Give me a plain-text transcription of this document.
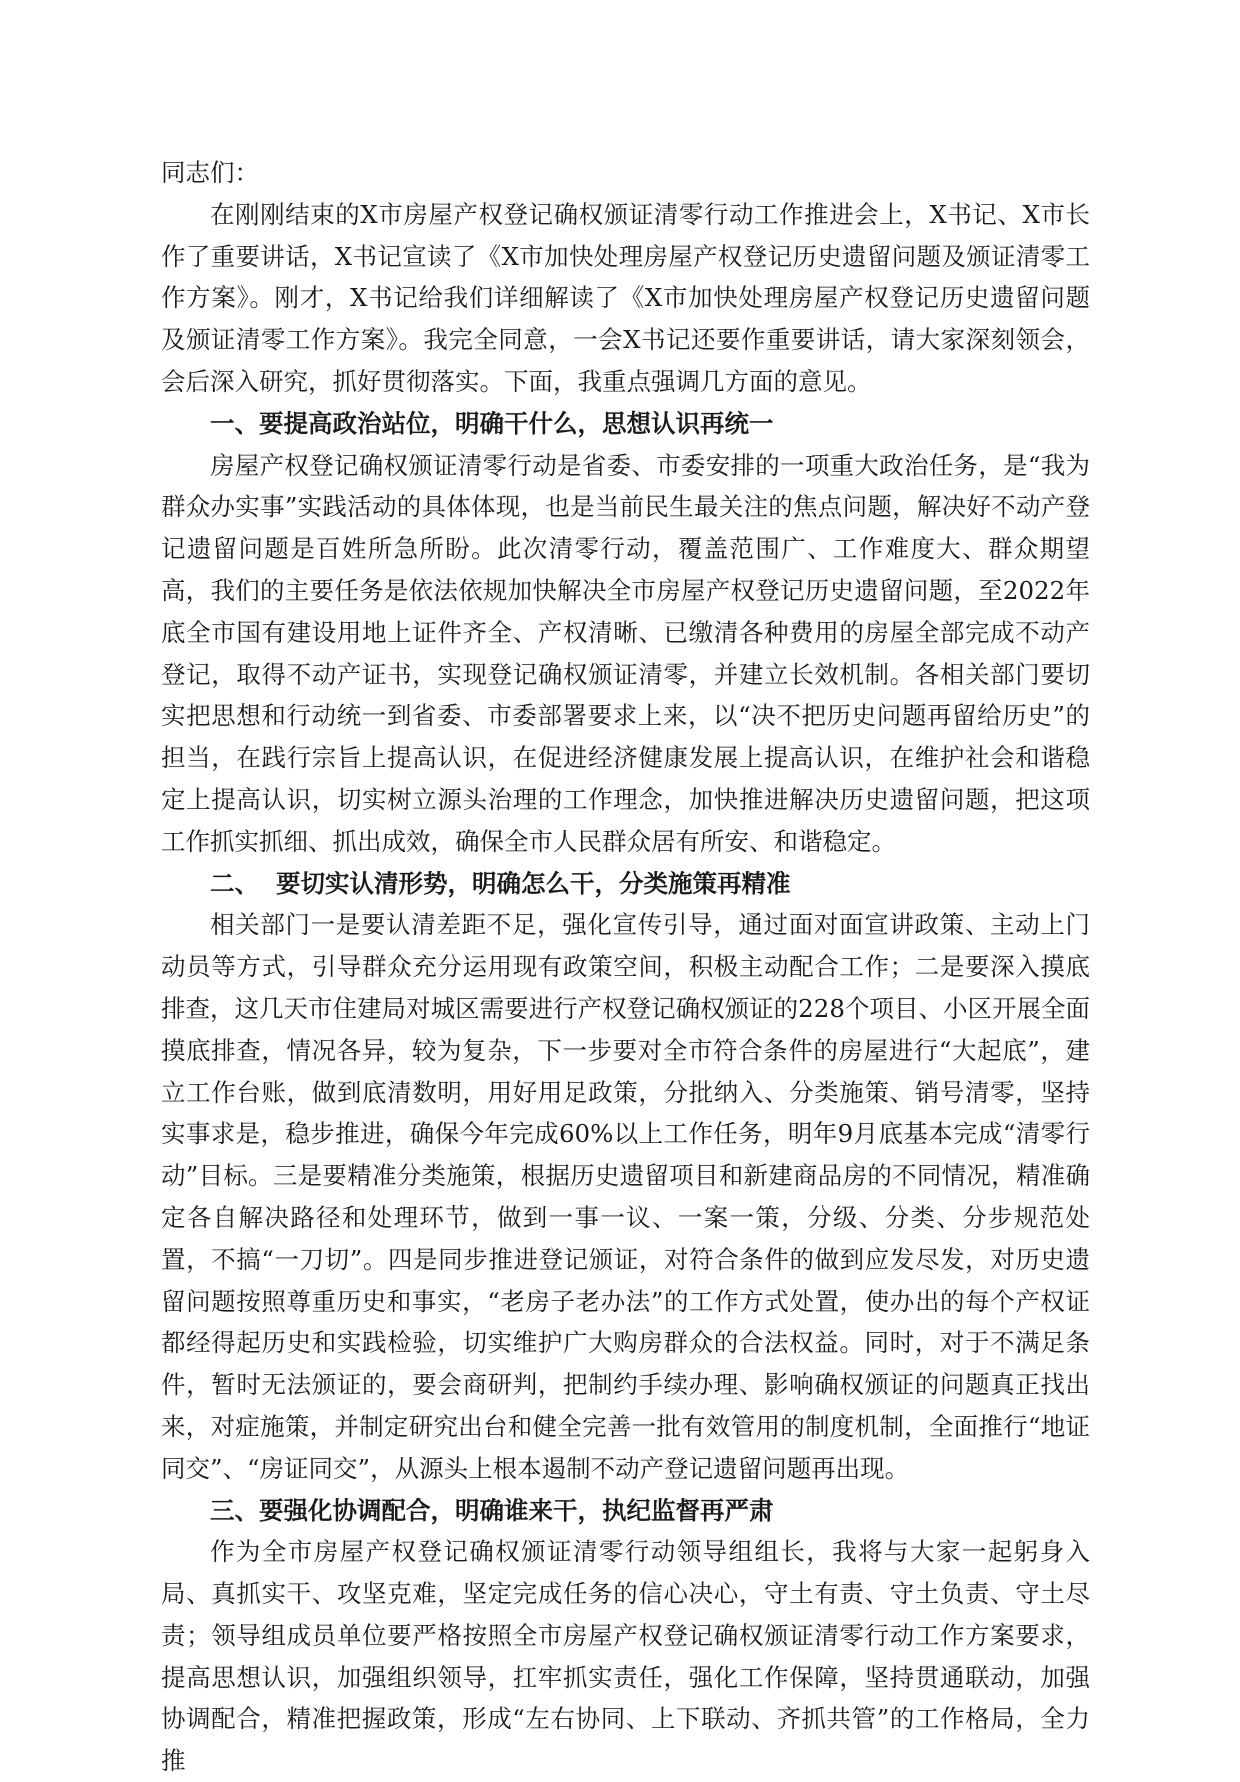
同志们：

在刚刚结束的X市房屋产权登记确权颁证清零行动工作推进会上，X书记、X市长作了重要讲话，X书记宣读了《X市加快处理房屋产权登记历史遗留问题及颁证清零工作方案》。刚才，X书记给我们详细解读了《X市加快处理房屋产权登记历史遗留问题及颁证清零工作方案》。我完全同意，一会X书记还要作重要讲话，请大家深刻领会，会后深入研究，抓好贯彻落实。下面，我重点强调几方面的意见。

一、要提高政治站位，明确干什么，思想认识再统一

房屋产权登记确权颁证清零行动是省委、市委安排的一项重大政治任务，是“我为群众办实事”实践活动的具体体现，也是当前民生最关注的焦点问题，解决好不动产登记遗留问题是百姓所急所盼。此次清零行动，覆盖范围广、工作难度大、群众期望高，我们的主要任务是依法依规加快解决全市房屋产权登记历史遗留问题，至2022年底全市国有建设用地上证件齐全、产权清晰、已缴清各种费用的房屋全部完成不动产登记，取得不动产证书，实现登记确权颁证清零，并建立长效机制。各相关部门要切实把思想和行动统一到省委、市委部署要求上来，以“决不把历史问题再留给历史”的担当，在践行宗旨上提高认识，在促进经济健康发展上提高认识，在维护社会和谐稳定上提高认识，切实树立源头治理的工作理念，加快推进解决历史遗留问题，把这项工作抓实抓细、抓出成效，确保全市人民群众居有所安、和谐稳定。

二、  要切实认清形势，明确怎么干，分类施策再精准

相关部门一是要认清差距不足，强化宣传引导，通过面对面宣讲政策、主动上门动员等方式，引导群众充分运用现有政策空间，积极主动配合工作；二是要深入摸底排查，这几天市住建局对城区需要进行产权登记确权颁证的228个项目、小区开展全面摸底排查，情况各异，较为复杂，下一步要对全市符合条件的房屋进行“大起底”，建立工作台账，做到底清数明，用好用足政策，分批纳入、分类施策、销号清零，坚持实事求是，稳步推进，确保今年完成60%以上工作任务，明年9月底基本完成“清零行动”目标。三是要精准分类施策，根据历史遗留项目和新建商品房的不同情况，精准确定各自解决路径和处理环节，做到一事一议、一案一策，分级、分类、分步规范处置，不搞“一刀切”。四是同步推进登记颁证，对符合条件的做到应发尽发，对历史遗留问题按照尊重历史和事实，“老房子老办法”的工作方式处置，使办出的每个产权证都经得起历史和实践检验，切实维护广大购房群众的合法权益。同时，对于不满足条件，暂时无法颁证的，要会商研判，把制约手续办理、影响确权颁证的问题真正找出来，对症施策，并制定研究出台和健全完善一批有效管用的制度机制，全面推行“地证同交”、“房证同交”，从源头上根本遏制不动产登记遗留问题再出现。

三、要强化协调配合，明确谁来干，执纪监督再严肃

作为全市房屋产权登记确权颁证清零行动领导组组长，我将与大家一起躬身入局、真抓实干、攻坚克难，坚定完成任务的信心决心，守土有责、守土负责、守土尽责；领导组成员单位要严格按照全市房屋产权登记确权颁证清零行动工作方案要求，提高思想认识，加强组织领导，扛牢抓实责任，强化工作保障，坚持贯通联动，加强协调配合，精准把握政策，形成“左右协同、上下联动、齐抓共管”的工作格局，全力推
